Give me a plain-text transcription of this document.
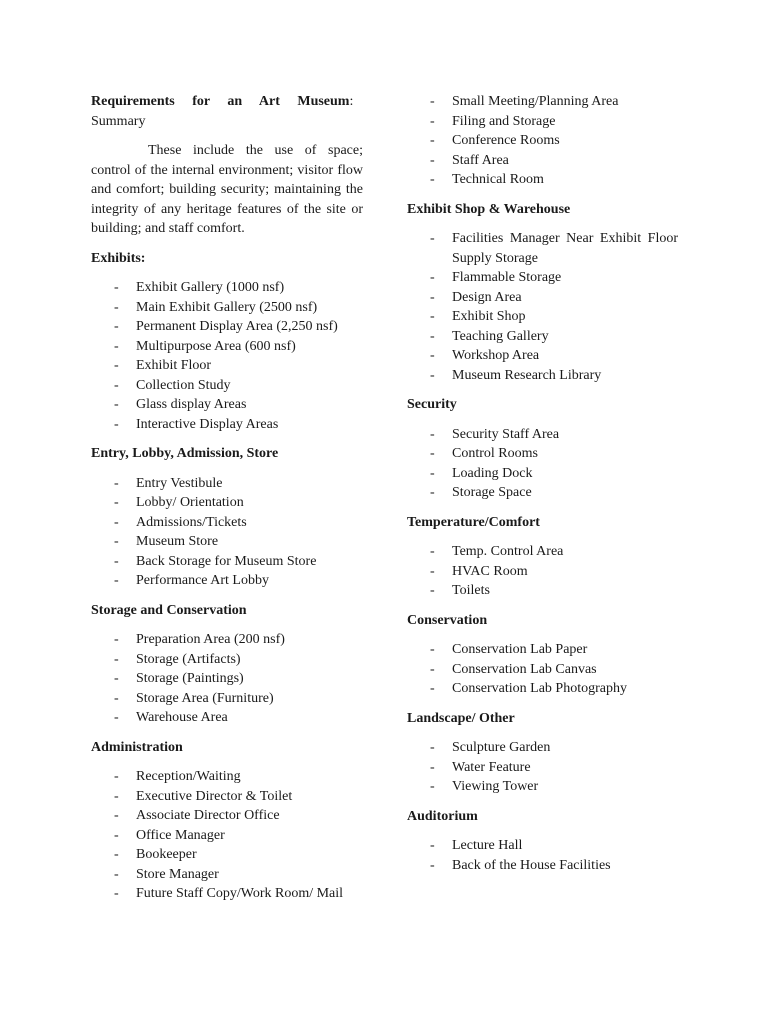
Requirements for an Art Museum:
Summary

These include the use of space; control of the internal environment; visitor flow and comfort; building security; maintaining the integrity of any heritage features of the site or building; and staff comfort.

Exhibits:
-	Exhibit Gallery (1000 nsf)
-	Main Exhibit Gallery (2500 nsf)
-	Permanent Display Area (2,250 nsf)
-	Multipurpose Area (600 nsf)
-	Exhibit Floor
-	Collection Study
-	Glass display Areas
-	Interactive Display Areas
Entry, Lobby, Admission, Store
-	Entry Vestibule
-	Lobby/ Orientation
-	Admissions/Tickets
-	Museum Store
-	Back Storage for Museum Store
-	Performance Art Lobby
Storage and Conservation
-	Preparation Area (200 nsf)
-	Storage (Artifacts)
-	Storage (Paintings)
-	Storage Area (Furniture)
-	Warehouse Area
Administration
-	Reception/Waiting
-	Executive Director & Toilet
-	Associate Director Office
-	Office Manager
-	Bookeeper
-	Store Manager
-	Future Staff Copy/Work Room/ Mail
-	Small Meeting/Planning Area
-	Filing and Storage
-	Conference Rooms
-	Staff Area
-	Technical Room
Exhibit Shop & Warehouse
-	Facilities Manager Near Exhibit Floor Supply Storage
-	Flammable Storage
-	Design Area
-	Exhibit Shop
-	Teaching Gallery
-	Workshop Area
-	Museum Research Library
Security
-	Security Staff Area
-	Control Rooms
-	Loading Dock
-	Storage Space
Temperature/Comfort
-	Temp. Control Area
-	HVAC Room
-	Toilets
Conservation
-	Conservation Lab Paper
-	Conservation Lab Canvas
-	Conservation Lab Photography
Landscape/ Other
-	Sculpture Garden
-	Water Feature
-	Viewing Tower
Auditorium
-	Lecture Hall
-	Back of the House Facilities
